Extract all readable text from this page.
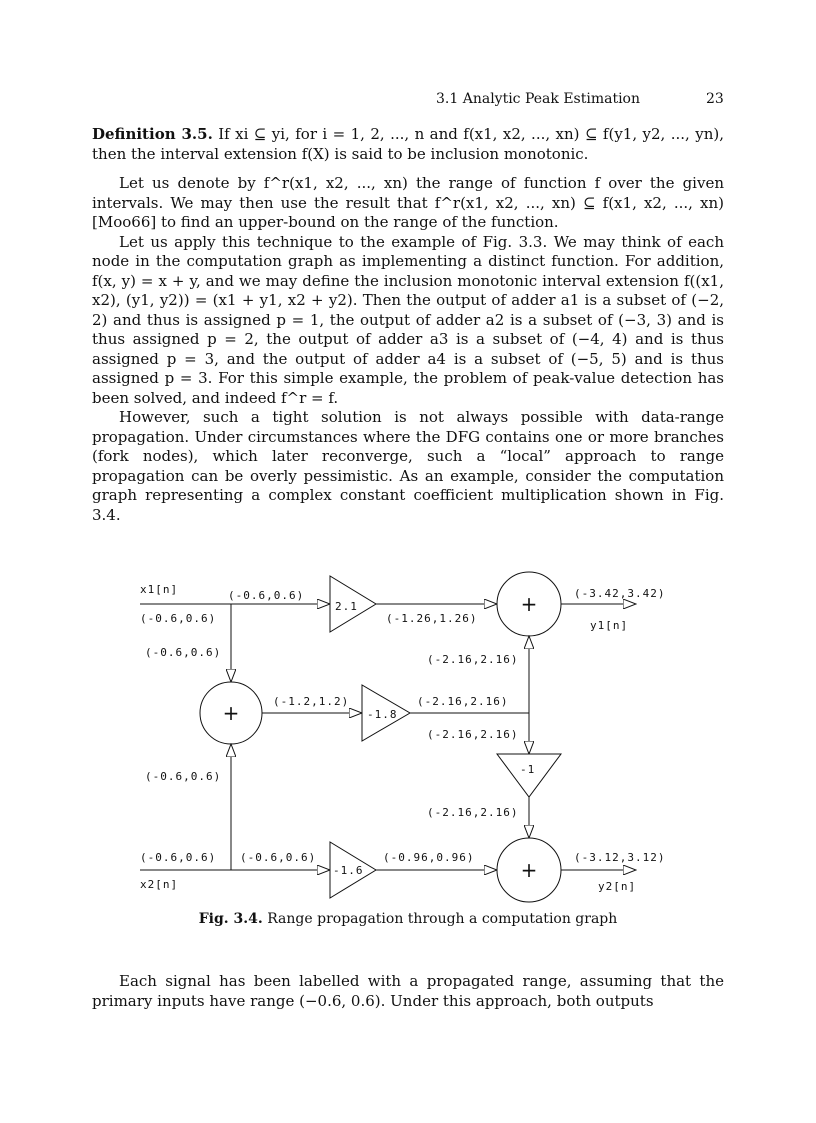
3.1 Analytic Peak Estimation	23

Definition 3.5. If xi ⊆ yi, for i = 1, 2, ..., n and f(x1, x2, ..., xn) ⊆ f(y1, y2, ..., yn), then the interval extension f(X) is said to be inclusion monotonic.

Let us denote by f^r(x1, x2, ..., xn) the range of function f over the given intervals. We may then use the result that f^r(x1, x2, ..., xn) ⊆ f(x1, x2, ..., xn) [Moo66] to find an upper-bound on the range of the function.

Let us apply this technique to the example of Fig. 3.3. We may think of each node in the computation graph as implementing a distinct function. For addition, f(x, y) = x + y, and we may define the inclusion monotonic interval extension f((x1, x2), (y1, y2)) = (x1 + y1, x2 + y2). Then the output of adder a1 is a subset of (−2, 2) and thus is assigned p = 1, the output of adder a2 is a subset of (−3, 3) and is thus assigned p = 2, the output of adder a3 is a subset of (−4, 4) and is thus assigned p = 3, and the output of adder a4 is a subset of (−5, 5) and is thus assigned p = 3. For this simple example, the problem of peak-value detection has been solved, and indeed f^r = f.

However, such a tight solution is not always possible with data-range propagation. Under circumstances where the DFG contains one or more branches (fork nodes), which later reconverge, such a “local” approach to range propagation can be overly pessimistic. As an example, consider the computation graph representing a complex constant coefficient multiplication shown in Fig. 3.4.

+
+
+
2.1
-1.8
-1.6
-1
x1[n]
x2[n]
y1[n]
y2[n]
(-0.6,0.6)
(-0.6,0.6)
(-0.6,0.6)
(-1.26,1.26)
(-3.42,3.42)
(-2.16,2.16)
(-1.2,1.2)	(-2.16,2.16)
(-2.16,2.16)
(-0.6,0.6)
(-2.16,2.16)
(-0.6,0.6) (-0.6,0.6)	(-0.96,0.96)	(-3.12,3.12)
Fig. 3.4. Range propagation through a computation graph

Each signal has been labelled with a propagated range, assuming that the primary inputs have range (−0.6, 0.6). Under this approach, both outputs
